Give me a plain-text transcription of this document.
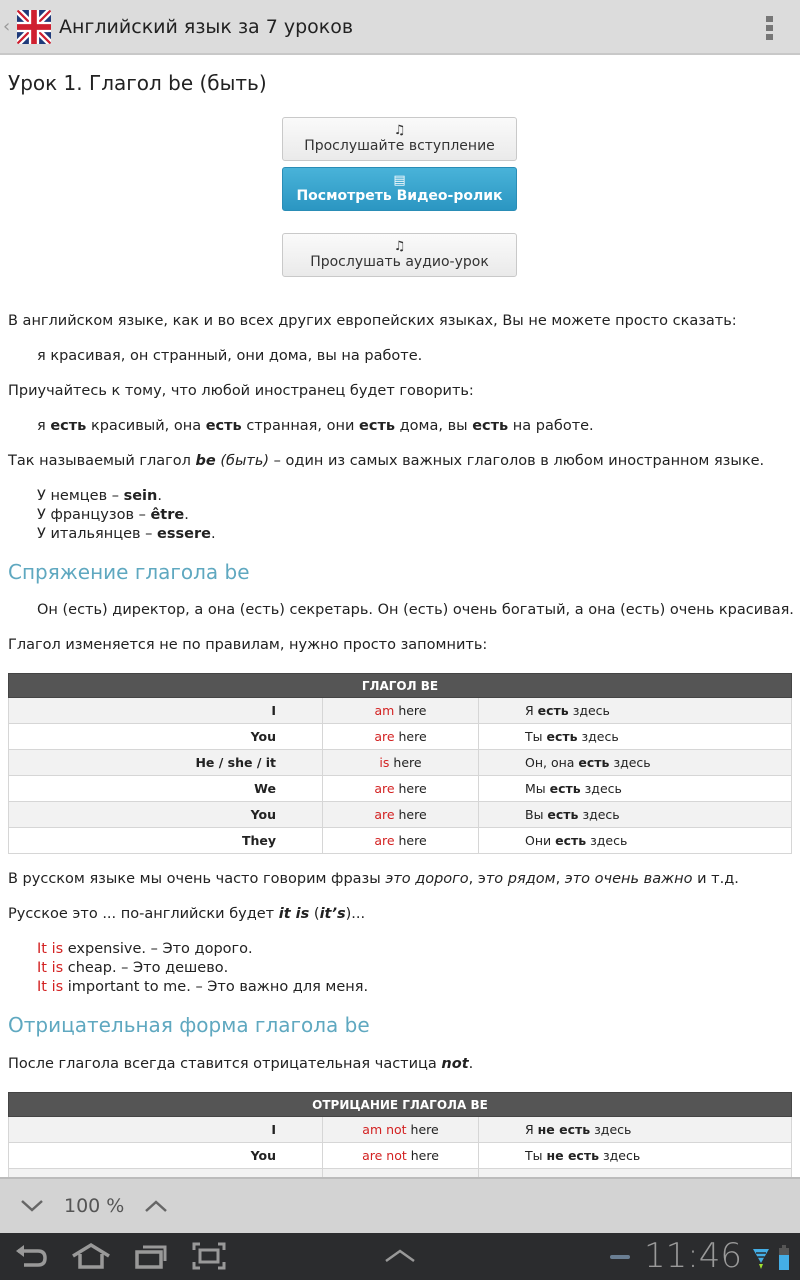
‹	Английский язык за 7 уроков
Урок 1. Глагол be (быть)
♫
Прослушайте вступление
▤
Посмотреть Видео-ролик
♫
Прослушать аудио-урок
В английском языке, как и во всех других европейских языках, Вы не можете просто сказать:
я красивая, он странный, они дома, вы на работе.
Приучайтесь к тому, что любой иностранец будет говорить:
я есть красивый, она есть странная, они есть дома, вы есть на работе.
Так называемый глагол be (быть) – один из самых важных глаголов в любом иностранном языке.
У немцев – sein.
У французов – être.
У итальянцев – essere.
Спряжение глагола be
Он (есть) директор, а она (есть) секретарь. Он (есть) очень богатый, а она (есть) очень красивая.
Глагол изменяется не по правилам, нужно просто запомнить:
ГЛАГОЛ BE		
I	am here	Я есть здесь
You	are here	Ты есть здесь
He / she / it	is here	Он, она есть здесь
We	are here	Мы есть здесь
You	are here	Вы есть здесь
They	are here	Они есть здесь
В русском языке мы очень часто говорим фразы это дорого, это рядом, это очень важно и т.д.
Русское это ... по-английски будет it is (it’s)...
It is expensive. – Это дорого.
It is cheap. – Это дешево.
It is important to me. – Это важно для меня.
Отрицательная форма глагола be
После глагола всегда ставится отрицательная частица not.
ОТРИЦАНИЕ ГЛАГОЛА BE		
I	am not here	Я не есть здесь
You	are not here	Ты не есть здесь

100 %
11:46
